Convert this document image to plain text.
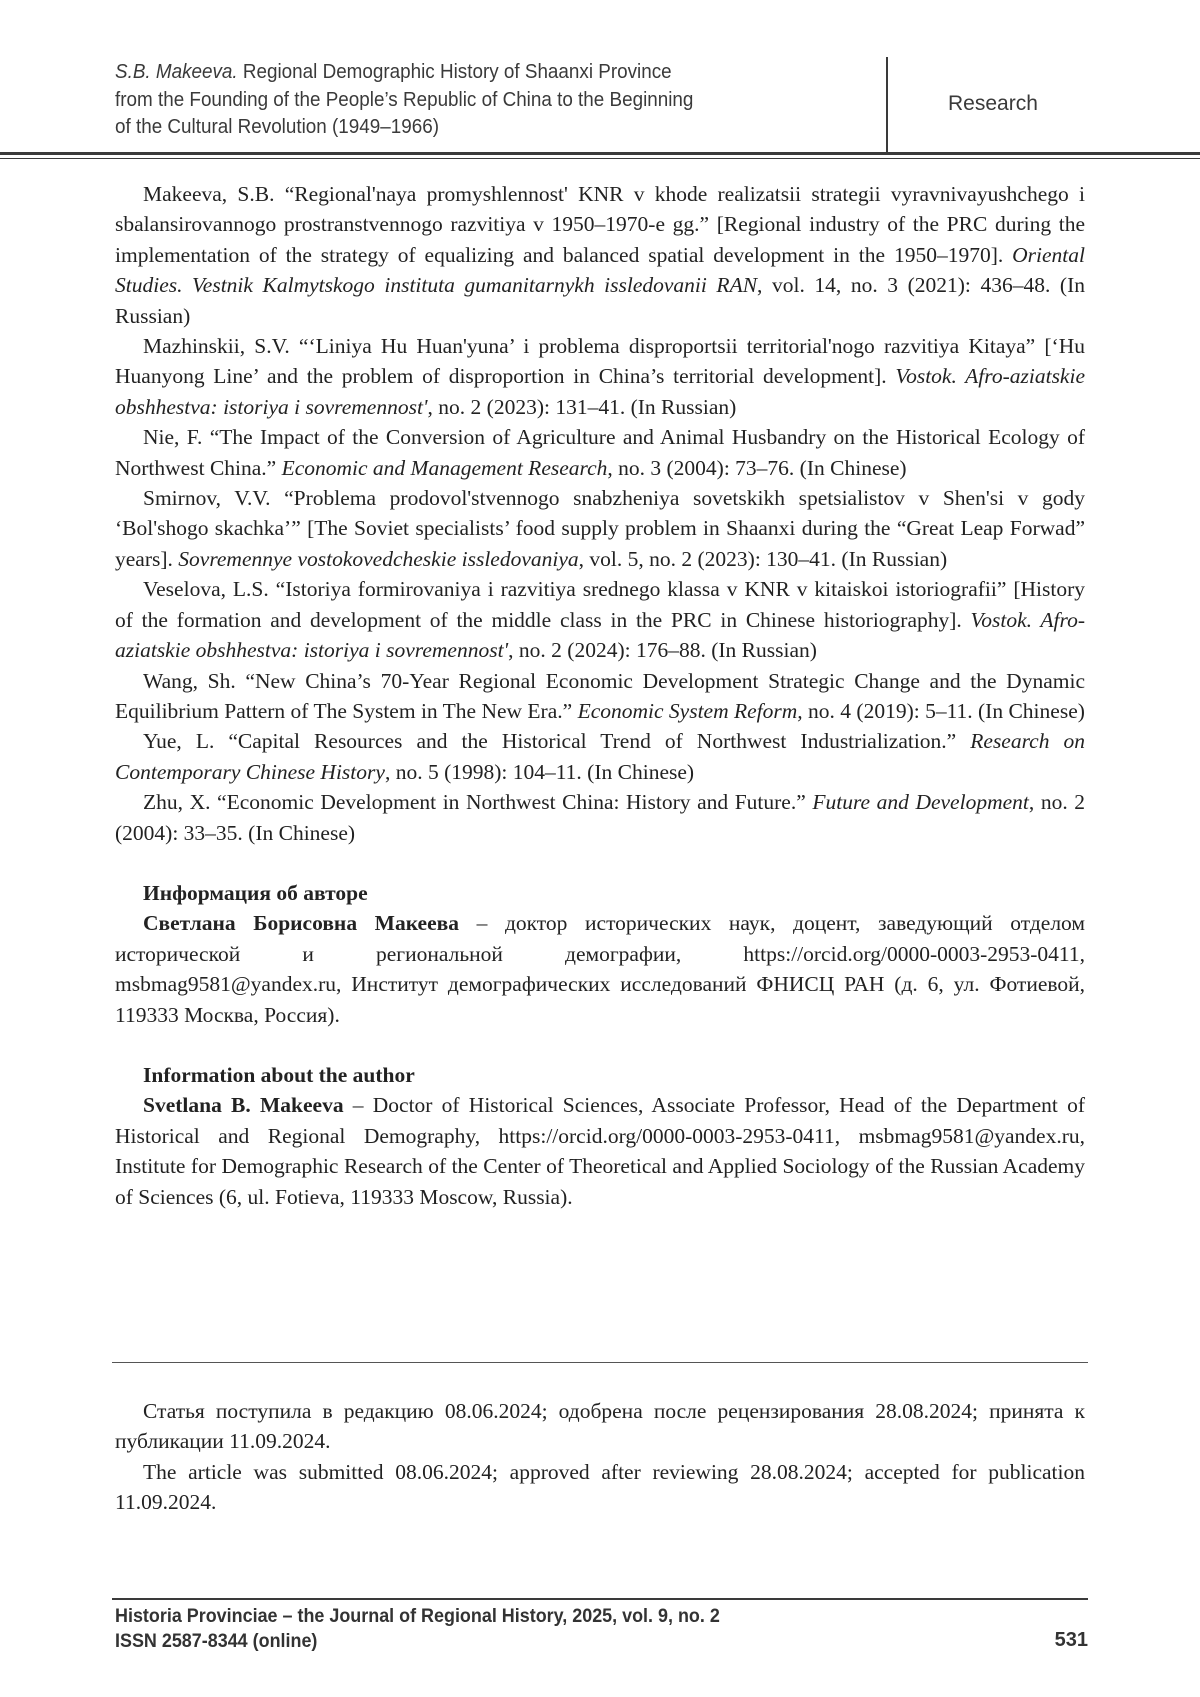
S.B. Makeeva. Regional Demographic History of Shaanxi Province
from the Founding of the People’s Republic of China to the Beginning
of the Cultural Revolution (1949–1966)
Research

Makeeva, S.B. “Regional'naya promyshlennost' KNR v khode realizatsii strategii vyravnivayushchego i sbalansirovannogo prostranstvennogo razvitiya v 1950–1970-e gg.” [Regional industry of the PRC during the implementation of the strategy of equalizing and balanced spatial development in the 1950–1970]. Oriental Studies. Vestnik Kalmytskogo instituta gumanitarnykh issledovanii RAN, vol. 14, no. 3 (2021): 436–48. (In Russian)

Mazhinskii, S.V. “‘Liniya Hu Huan'yuna’ i problema disproportsii territorial'nogo razvitiya Kitaya” [‘Hu Huanyong Line’ and the problem of disproportion in China’s territorial development]. Vostok. Afro-aziatskie obshhestva: istoriya i sovremennost', no. 2 (2023): 131–41. (In Russian)

Nie, F. “The Impact of the Conversion of Agriculture and Animal Husbandry on the Historical Ecology of Northwest China.” Economic and Management Research, no. 3 (2004): 73–76. (In Chinese)

Smirnov, V.V. “Problema prodovol'stvennogo snabzheniya sovetskikh spetsialistov v Shen'si v gody ‘Bol'shogo skachka’” [The Soviet specialists’ food supply problem in Shaanxi during the “Great Leap Forwad” years]. Sovremennye vostokovedcheskie issledovaniya, vol. 5, no. 2 (2023): 130–41. (In Russian)

Veselova, L.S. “Istoriya formirovaniya i razvitiya srednego klassa v KNR v kitaiskoi istoriografii” [History of the formation and development of the middle class in the PRC in Chinese historiography]. Vostok. Afro-aziatskie obshhestva: istoriya i sovremennost', no. 2 (2024): 176–88. (In Russian)

Wang, Sh. “New China’s 70-Year Regional Economic Development Strategic Change and the Dynamic Equilibrium Pattern of The System in The New Era.” Economic System Reform, no. 4 (2019): 5–11. (In Chinese)

Yue, L. “Capital Resources and the Historical Trend of Northwest Industrialization.” Research on Contemporary Chinese History, no. 5 (1998): 104–11. (In Chinese)

Zhu, X. “Economic Development in Northwest China: History and Future.” Future and Development, no. 2 (2004): 33–35. (In Chinese)

Информация об авторе

Светлана Борисовна Макеева – доктор исторических наук, доцент, заведующий отделом исторической и региональной демографии, https://orcid.org/0000-0003-2953-0411, msbmag9581@yandex.ru, Институт демографических исследований ФНИСЦ РАН (д. 6, ул. Фотиевой, 119333 Москва, Россия).

Information about the author

Svetlana B. Makeeva – Doctor of Historical Sciences, Associate Professor, Head of the Department of Historical and Regional Demography, https://orcid.org/0000-0003-2953-0411, msbmag9581@yandex.ru, Institute for Demographic Research of the Center of Theoretical and Applied Sociology of the Russian Academy of Sciences (6, ul. Fotieva, 119333 Moscow, Russia).

Статья поступила в редакцию 08.06.2024; одобрена после рецензирования 28.08.2024; принята к публикации 11.09.2024.

The article was submitted 08.06.2024; approved after reviewing 28.08.2024; accepted for publication 11.09.2024.

Historia Provinciae – the Journal of Regional History, 2025, vol. 9, no. 2
ISSN 2587-8344 (online)	531
